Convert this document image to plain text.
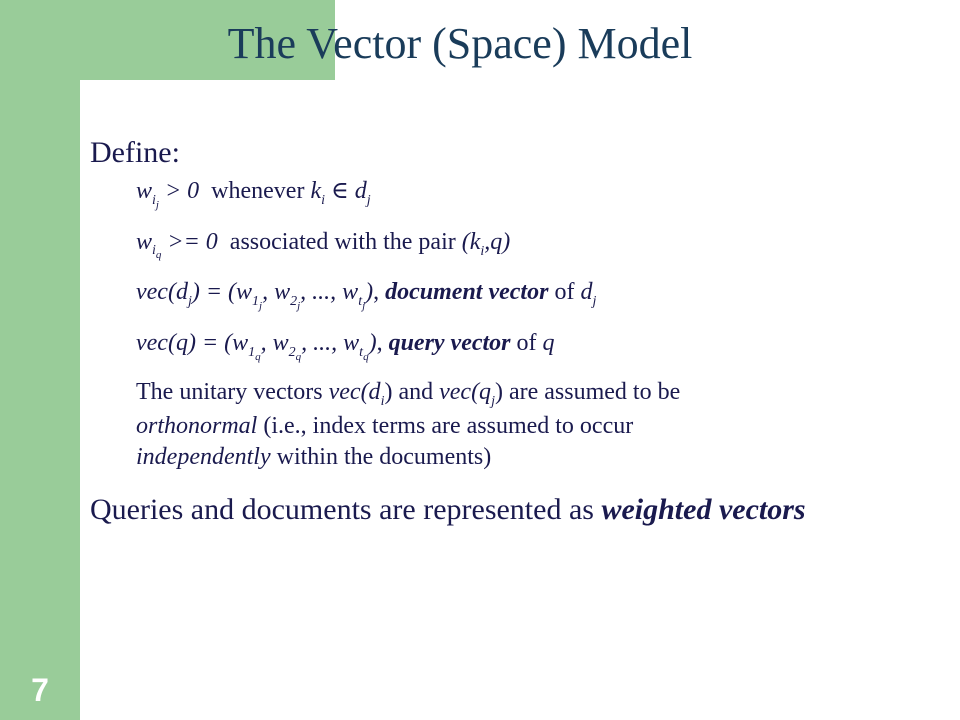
The Vector (Space) Model

Define:

$w_{i_j} > 0$  whenever $k_i$ ∈ $d_j$

$w_{i_q} >= 0$  associated with the pair $(k_i,q)$

$vec(d_j) = (w_{1_j}$, $w_{2_j}$, ..., $w_{t_j}$), document vector of $d_j$

$vec(q) = (w_{1_q}$, $w_{2_q}$, ..., $w_{t_q}$), query vector of q

The unitary vectors $vec(d_i)$ and $vec(q_j)$ are assumed to be
orthonormal (i.e., index terms are assumed to occur
independently within the documents)

Queries and documents are represented as weighted vectors

7
